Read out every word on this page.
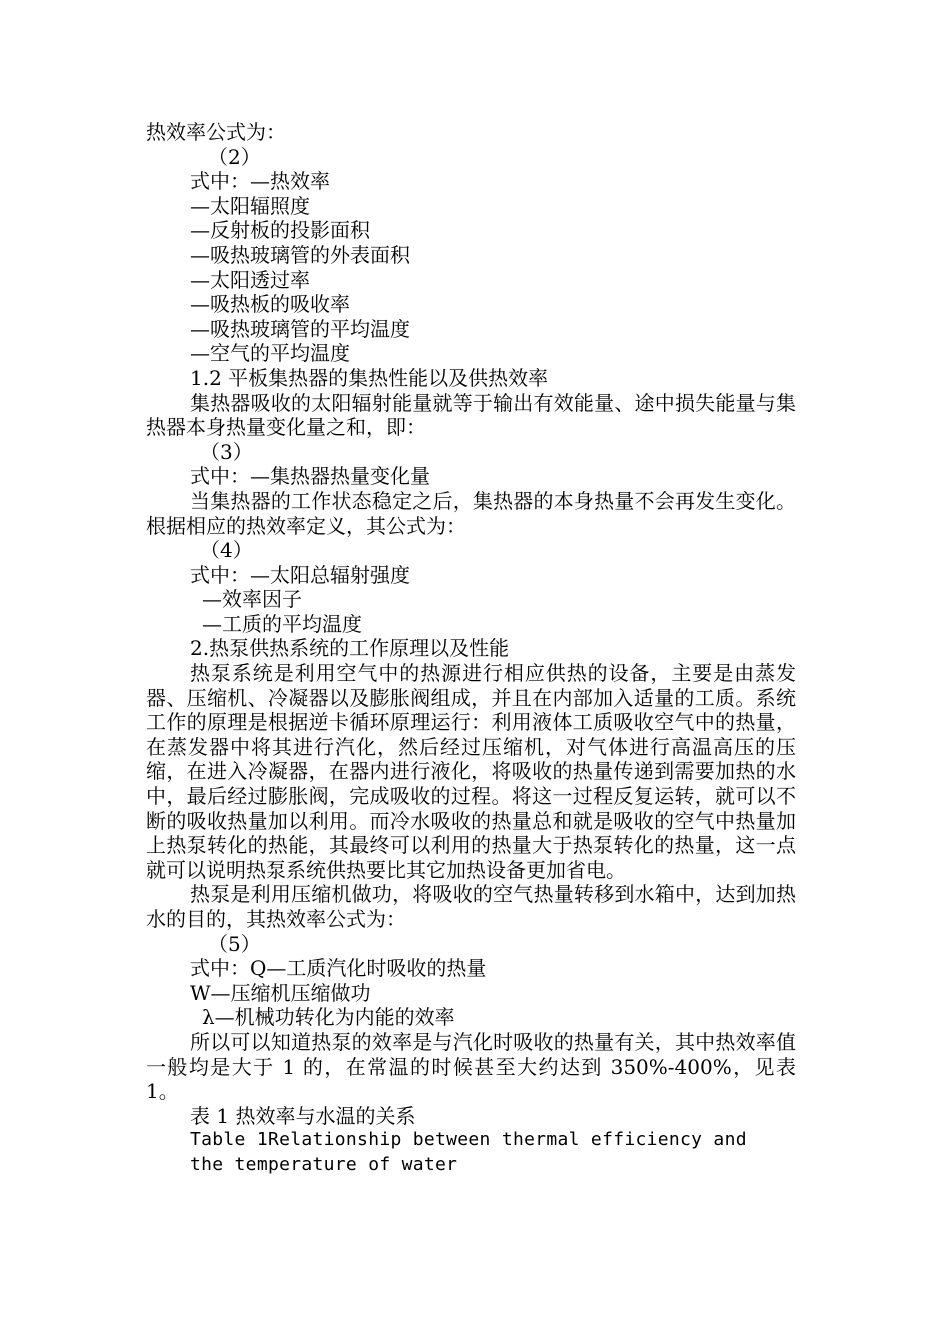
热效率公式为：
（2）
式中：—热效率
—太阳辐照度
—反射板的投影面积
—吸热玻璃管的外表面积
—太阳透过率
—吸热板的吸收率
—吸热玻璃管的平均温度
—空气的平均温度
1.2 平板集热器的集热性能以及供热效率
集热器吸收的太阳辐射能量就等于输出有效能量、途中损失能量与集热器本身热量变化量之和，即：
（3）
式中：—集热器热量变化量
当集热器的工作状态稳定之后，集热器的本身热量不会再发生变化。根据相应的热效率定义，其公式为：
（4）
式中：—太阳总辐射强度
—效率因子
—工质的平均温度
2.热泵供热系统的工作原理以及性能
热泵系统是利用空气中的热源进行相应供热的设备，主要是由蒸发器、压缩机、冷凝器以及膨胀阀组成，并且在内部加入适量的工质。系统工作的原理是根据逆卡循环原理运行：利用液体工质吸收空气中的热量，在蒸发器中将其进行汽化，然后经过压缩机，对气体进行高温高压的压缩，在进入冷凝器，在器内进行液化，将吸收的热量传递到需要加热的水中，最后经过膨胀阀，完成吸收的过程。将这一过程反复运转，就可以不断的吸收热量加以利用。而冷水吸收的热量总和就是吸收的空气中热量加上热泵转化的热能，其最终可以利用的热量大于热泵转化的热量，这一点就可以说明热泵系统供热要比其它加热设备更加省电。
热泵是利用压缩机做功，将吸收的空气热量转移到水箱中，达到加热水的目的，其热效率公式为：
（5）
式中：Q—工质汽化时吸收的热量
W—压缩机压缩做功
λ—机械功转化为内能的效率
所以可以知道热泵的效率是与汽化时吸收的热量有关，其中热效率值一般均是大于 1 的，在常温的时候甚至大约达到 350%-400%，见表 1。
表 1 热效率与水温的关系
Table 1Relationship between thermal efficiency and
the temperature of water
